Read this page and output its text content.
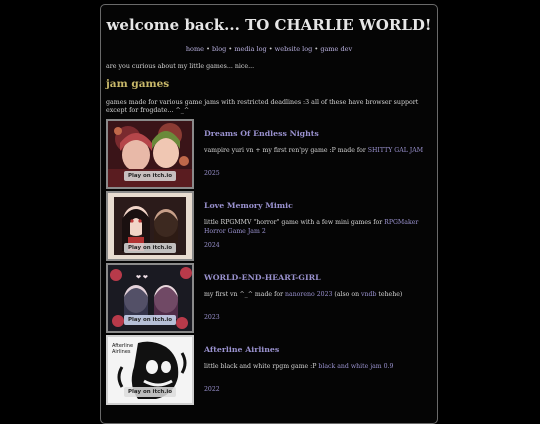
welcome back... TO CHARLIE WORLD!
home • blog • media log • website log • game dev
are you curious about my little games... nice...
jam games
games made for various game jams with restricted deadlines :3 all of these have browser support except for frogdate... ^_^
Play on itch.io
Dreams Of Endless Nights
vampire yuri vn + my first ren'py game :P made for SHITTY GAL JAM
2025
Play on itch.io
Love Memory Mimic
little RPGMMV "horror" game with a few mini games for RPGMaker Horror Game Jam 2
2024
❤ ❤
Play on itch.io
WORLD-END-HEART-GIRL
my first vn ^_^ made for nanoreno 2023 (also on vndb tehehe)
2023
Afterline
Airlines
Play on itch.io
Afterline Airlines
little black and white rpgm game :P black and white jam 0.9
2022
